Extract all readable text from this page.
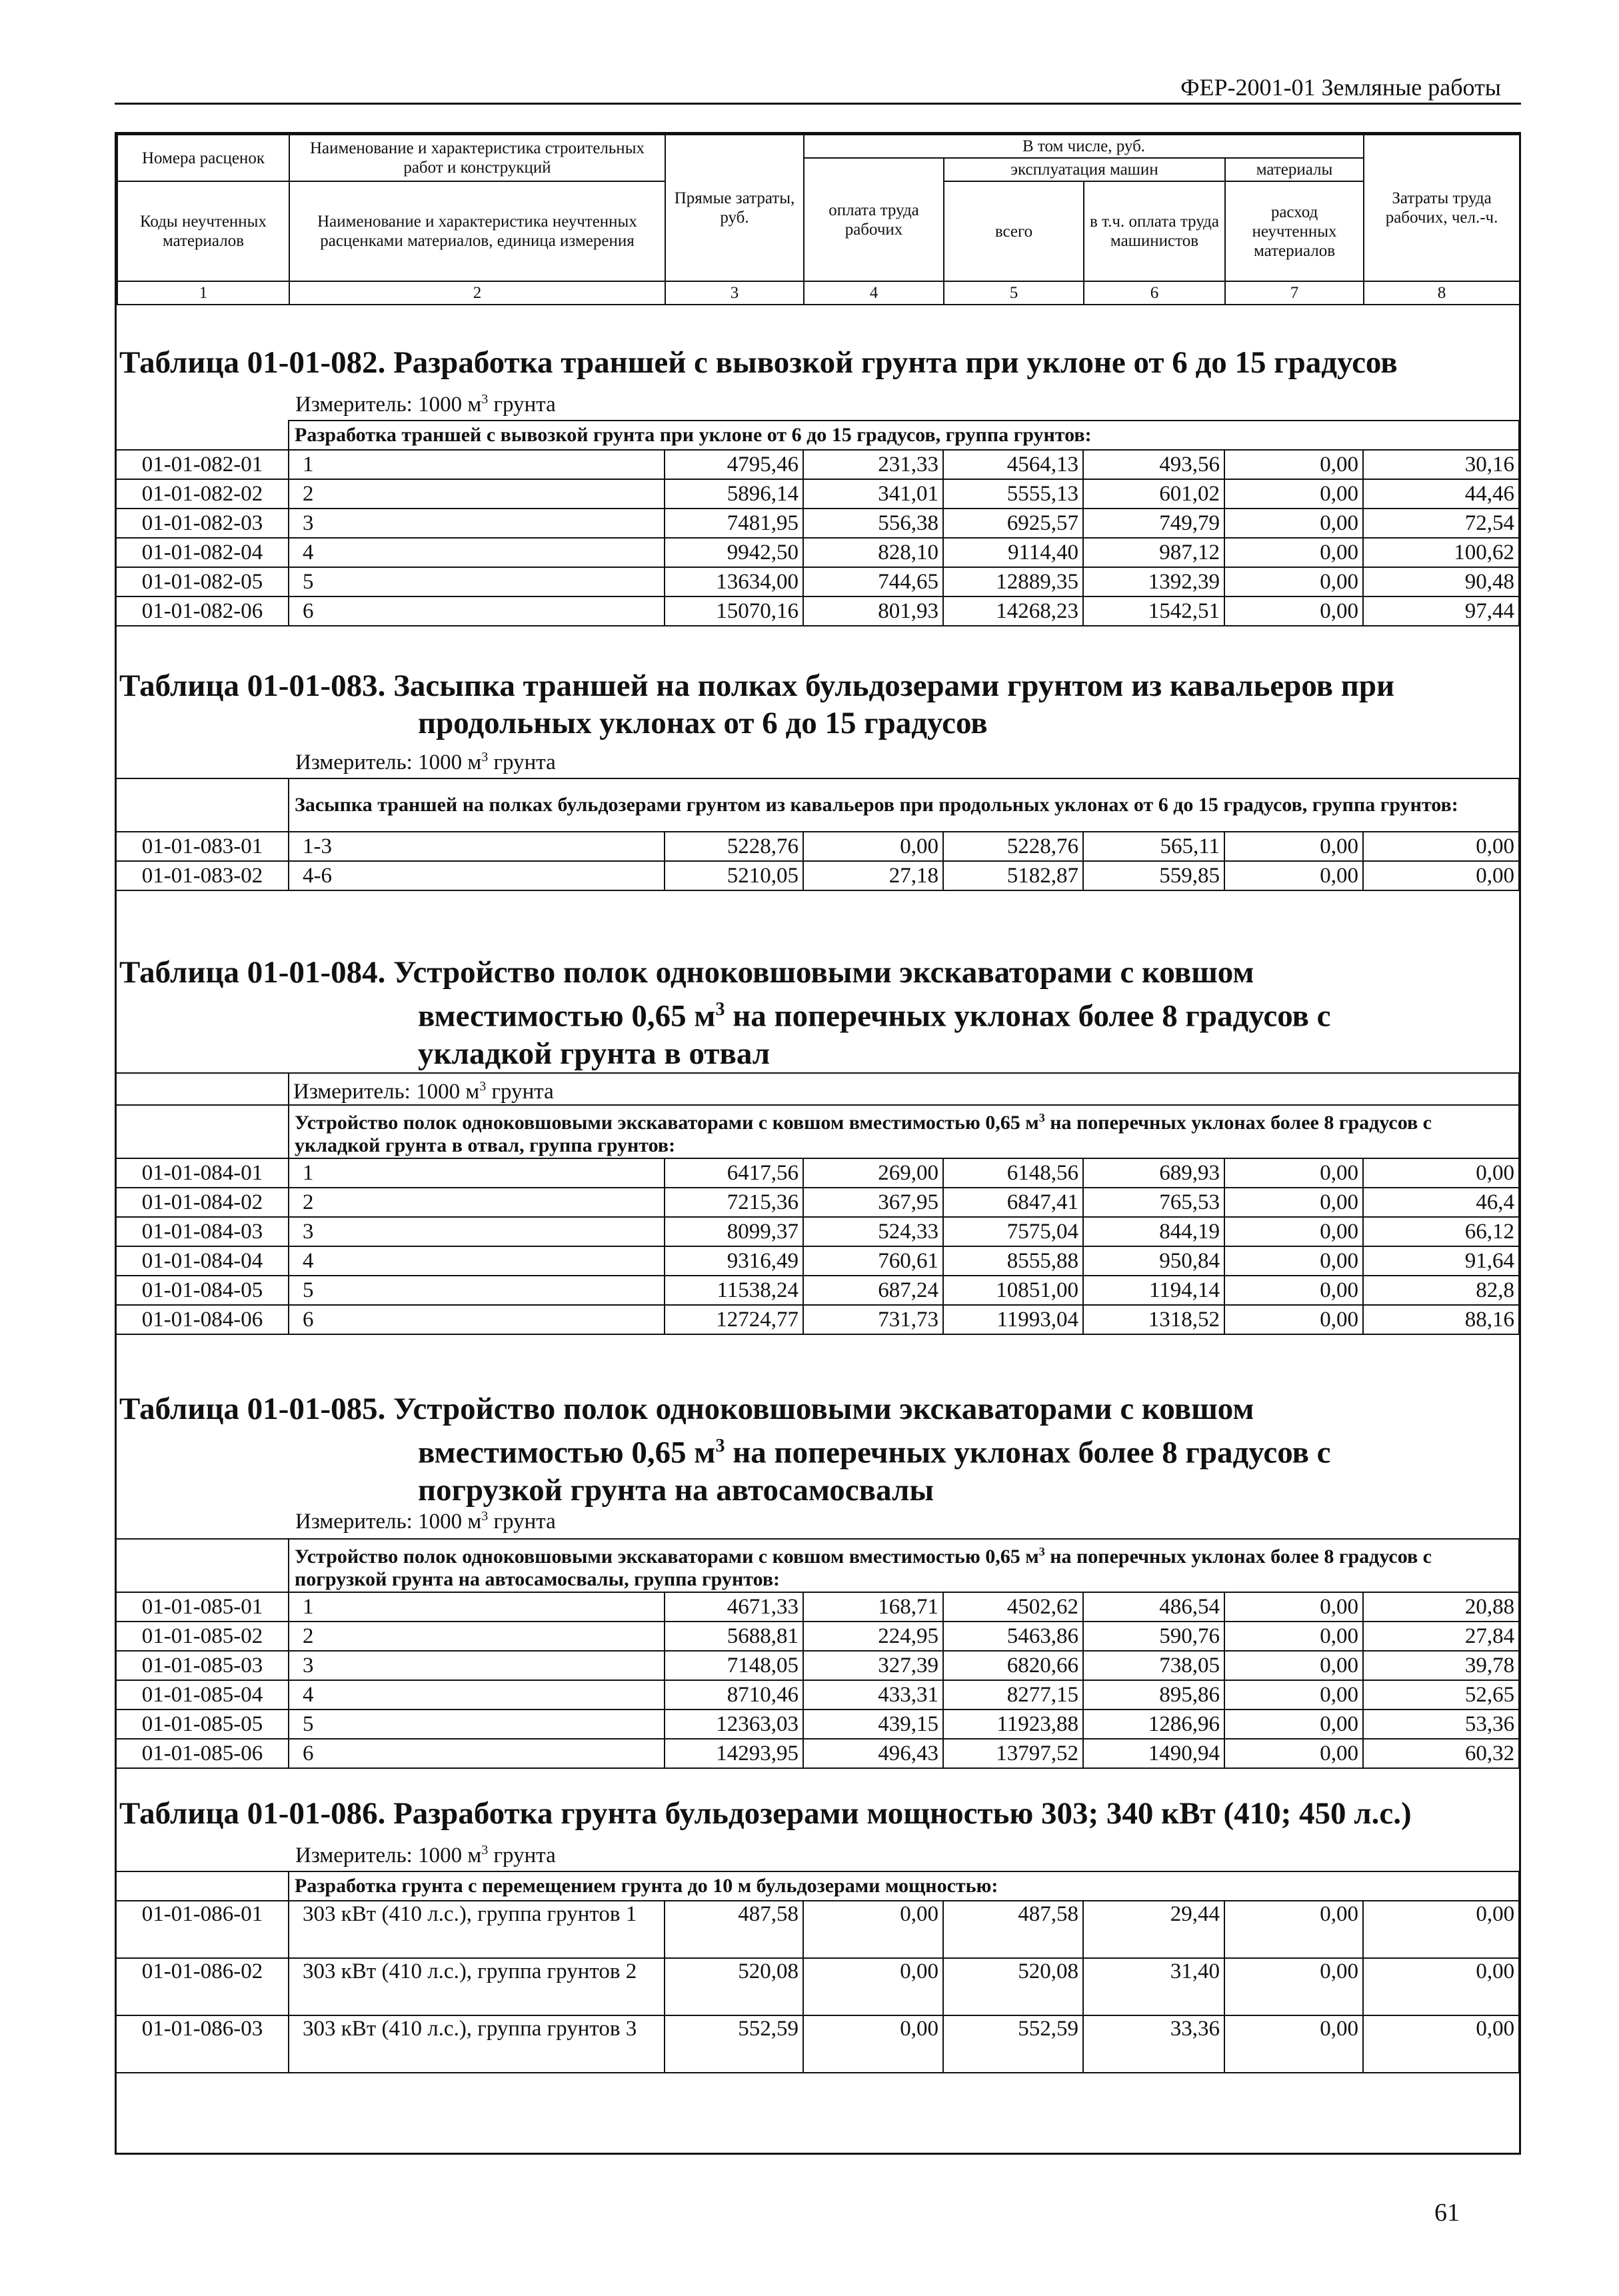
ФЕР-2001-01 Земляные работы
Номера расценок	Наименование и характеристика строительных работ и конструкций	Прямые затраты, руб.	В том числе, руб.				Затраты труда рабочих, чел.-ч.
			оплата труда рабочих	эксплуатация машин		материалы	
Коды неучтенных материалов	Наименование и характеристика неучтенных расценками материалов, единица измерения			всего	в т.ч. оплата труда машинистов	расход неучтенных материалов	

1	2	3	4	5	6	7	8
Таблица 01-01-082. Разработка траншей с вывозкой грунта при уклоне от 6 до 15 градусов
Измеритель: 1000 $м^3$ грунта
	Разработка траншей с вывозкой грунта при уклоне от 6 до 15 градусов, группа грунтов:						
01-01-082-01	1	4795,46	231,33	4564,13	493,56	0,00	30,16
01-01-082-02	2	5896,14	341,01	5555,13	601,02	0,00	44,46
01-01-082-03	3	7481,95	556,38	6925,57	749,79	0,00	72,54
01-01-082-04	4	9942,50	828,10	9114,40	987,12	0,00	100,62
01-01-082-05	5	13634,00	744,65	12889,35	1392,39	0,00	90,48
01-01-082-06	6	15070,16	801,93	14268,23	1542,51	0,00	97,44
Таблица 01-01-083. Засыпка траншей на полках бульдозерами грунтом из кавальеров при
продольных уклонах от 6 до 15 градусов
Измеритель: 1000 $м^3$ грунта
	Засыпка траншей на полках бульдозерами грунтом из кавальеров при продольных уклонах от 6 до 15 градусов, группа грунтов:						
01-01-083-01	1-3	5228,76	0,00	5228,76	565,11	0,00	0,00
01-01-083-02	4-6	5210,05	27,18	5182,87	559,85	0,00	0,00
Таблица 01-01-084. Устройство полок одноковшовыми экскаваторами с ковшом
вместимостью 0,65 $м^3$ на поперечных уклонах более 8 градусов с
укладкой грунта в отвал
	Измеритель: 1000 $м^3$ грунта						
	Устройство полок одноковшовыми экскаваторами с ковшом вместимостью 0,65 $м^3$ на поперечных уклонах более 8 градусов с укладкой грунта в отвал, группа грунтов:						
01-01-084-01	1	6417,56	269,00	6148,56	689,93	0,00	0,00
01-01-084-02	2	7215,36	367,95	6847,41	765,53	0,00	46,4
01-01-084-03	3	8099,37	524,33	7575,04	844,19	0,00	66,12
01-01-084-04	4	9316,49	760,61	8555,88	950,84	0,00	91,64
01-01-084-05	5	11538,24	687,24	10851,00	1194,14	0,00	82,8
01-01-084-06	6	12724,77	731,73	11993,04	1318,52	0,00	88,16
Таблица 01-01-085. Устройство полок одноковшовыми экскаваторами с ковшом
вместимостью 0,65 $м^3$ на поперечных уклонах более 8 градусов с
погрузкой грунта на автосамосвалы
Измеритель: 1000 $м^3$ грунта
	Устройство полок одноковшовыми экскаваторами с ковшом вместимостью 0,65 $м^3$ на поперечных уклонах более 8 градусов с погрузкой грунта на автосамосвалы, группа грунтов:						
01-01-085-01	1	4671,33	168,71	4502,62	486,54	0,00	20,88
01-01-085-02	2	5688,81	224,95	5463,86	590,76	0,00	27,84
01-01-085-03	3	7148,05	327,39	6820,66	738,05	0,00	39,78
01-01-085-04	4	8710,46	433,31	8277,15	895,86	0,00	52,65
01-01-085-05	5	12363,03	439,15	11923,88	1286,96	0,00	53,36
01-01-085-06	6	14293,95	496,43	13797,52	1490,94	0,00	60,32
Таблица 01-01-086. Разработка грунта бульдозерами мощностью 303; 340 кВт (410; 450 л.с.)
Измеритель: 1000 $м^3$ грунта
	Разработка грунта с перемещением грунта до 10 м бульдозерами мощностью:						
01-01-086-01	303 кВт (410 л.с.), группа грунтов 1	487,58	0,00	487,58	29,44	0,00	0,00
01-01-086-02	303 кВт (410 л.с.), группа грунтов 2	520,08	0,00	520,08	31,40	0,00	0,00
01-01-086-03	303 кВт (410 л.с.), группа грунтов 3	552,59	0,00	552,59	33,36	0,00	0,00
61
